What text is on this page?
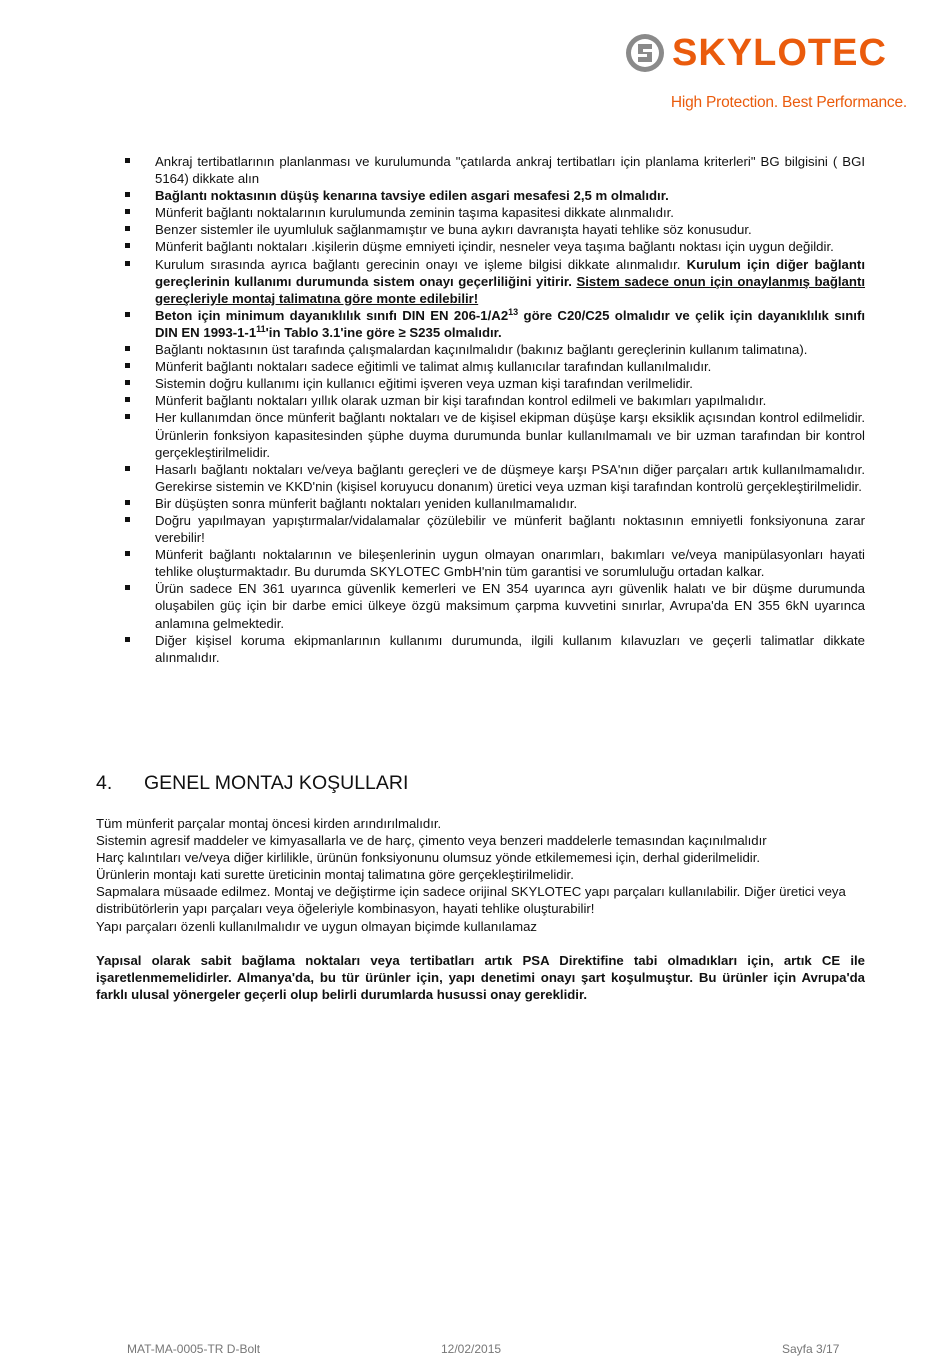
SKYLOTEC
High Protection. Best Performance.
Ankraj tertibatlarının planlanması ve kurulumunda "çatılarda ankraj tertibatları için planlama kriterleri" BG bilgisini ( BGI 5164) dikkate alın
Bağlantı noktasının düşüş kenarına tavsiye edilen asgari mesafesi 2,5 m olmalıdır.
Münferit bağlantı noktalarının kurulumunda zeminin taşıma kapasitesi dikkate alınmalıdır.
Benzer sistemler ile uyumluluk sağlanmamıştır ve buna aykırı davranışta hayati tehlike söz konusudur.
Münferit bağlantı noktaları .kişilerin düşme emniyeti içindir, nesneler veya taşıma bağlantı noktası için uygun değildir.
Kurulum sırasında ayrıca bağlantı gerecinin onayı ve işleme bilgisi dikkate alınmalıdır. Kurulum için diğer bağlantı gereçlerinin kullanımı durumunda sistem onayı geçerliliğini yitirir. Sistem sadece onun için onaylanmış bağlantı gereçleriyle montaj talimatına göre monte edilebilir!
Beton için minimum dayanıklılık sınıfı DIN EN $206-1/A2^{13}$ göre C20/C25 olmalıdır ve çelik için dayanıklılık sınıfı DIN EN $1993-1-1^{11}'in$ Tablo 3.1'ine göre ≥ S235 olmalıdır.
Bağlantı noktasının üst tarafında çalışmalardan kaçınılmalıdır (bakınız bağlantı gereçlerinin kullanım talimatına).
Münferit bağlantı noktaları sadece eğitimli ve talimat almış kullanıcılar tarafından kullanılmalıdır.
Sistemin doğru kullanımı için kullanıcı eğitimi işveren veya uzman kişi tarafından verilmelidir.
Münferit bağlantı noktaları yıllık olarak uzman bir kişi tarafından kontrol edilmeli ve bakımları yapılmalıdır.
Her kullanımdan önce münferit bağlantı noktaları ve de kişisel ekipman düşüşe karşı eksiklik açısından kontrol edilmelidir. Ürünlerin fonksiyon kapasitesinden şüphe duyma durumunda bunlar kullanılmamalı ve bir uzman tarafından bir kontrol gerçekleştirilmelidir.
Hasarlı bağlantı noktaları ve/veya bağlantı gereçleri ve de düşmeye karşı PSA'nın diğer parçaları artık kullanılmamalıdır. Gerekirse sistemin ve KKD'nin (kişisel koruyucu donanım) üretici veya uzman kişi tarafından kontrolü gerçekleştirilmelidir.
Bir düşüşten sonra münferit bağlantı noktaları yeniden kullanılmamalıdır.
Doğru yapılmayan yapıştırmalar/vidalamalar çözülebilir ve münferit bağlantı noktasının emniyetli fonksiyonuna zarar verebilir!
Münferit bağlantı noktalarının ve bileşenlerinin uygun olmayan onarımları, bakımları ve/veya manipülasyonları hayati tehlike oluşturmaktadır. Bu durumda SKYLOTEC GmbH'nin tüm garantisi ve sorumluluğu ortadan kalkar.
Ürün sadece EN 361 uyarınca güvenlik kemerleri ve EN 354 uyarınca ayrı güvenlik halatı ve bir düşme durumunda oluşabilen güç için bir darbe emici ülkeye özgü maksimum çarpma kuvvetini sınırlar, Avrupa'da EN 355 6kN uyarınca anlamına gelmektedir.
Diğer kişisel koruma ekipmanlarının kullanımı durumunda, ilgili kullanım kılavuzları ve geçerli talimatlar dikkate alınmalıdır.
4.	GENEL MONTAJ KOŞULLARI

Tüm münferit parçalar montaj öncesi kirden arındırılmalıdır.

Sistemin agresif maddeler ve kimyasallarla ve de harç, çimento veya benzeri maddelerle temasından kaçınılmalıdır

Harç kalıntıları ve/veya diğer kirlilikle, ürünün fonksiyonunu olumsuz yönde etkilememesi için, derhal giderilmelidir.

Ürünlerin montajı kati surette üreticinin montaj talimatına göre gerçekleştirilmelidir.

Sapmalara müsaade edilmez. Montaj ve değiştirme için sadece orijinal SKYLOTEC yapı parçaları kullanılabilir. Diğer üretici veya distribütörlerin yapı parçaları veya öğeleriyle kombinasyon, hayati tehlike oluşturabilir!

Yapı parçaları özenli kullanılmalıdır ve uygun olmayan biçimde kullanılamaz

Yapısal olarak sabit bağlama noktaları veya tertibatları artık PSA Direktifine tabi olmadıkları için, artık CE ile işaretlenmemelidirler. Almanya'da, bu tür ürünler için, yapı denetimi onayı şart koşulmuştur. Bu ürünler için Avrupa'da farklı ulusal yönergeler geçerli olup belirli durumlarda husussi onay gereklidir.

MAT-MA-0005-TR D-Bolt	12/02/2015	Sayfa 3/17
